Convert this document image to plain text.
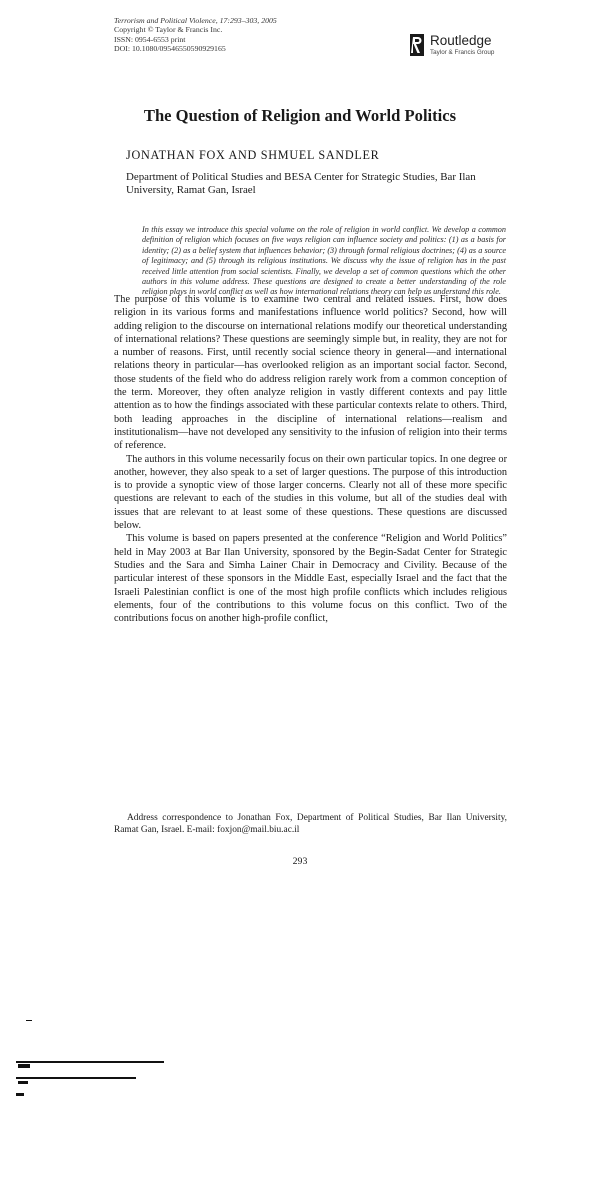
Terrorism and Political Violence, 17:293–303, 2005
Copyright © Taylor & Francis Inc.
ISSN: 0954-6553 print
DOI: 10.1080/09546550590929165
Routledge
Taylor & Francis Group
The Question of Religion and World Politics
JONATHAN FOX AND SHMUEL SANDLER
Department of Political Studies and BESA Center for Strategic Studies, Bar Ilan University, Ramat Gan, Israel
In this essay we introduce this special volume on the role of religion in world conflict. We develop a common definition of religion which focuses on five ways religion can influence society and politics: (1) as a basis for identity; (2) as a belief system that influences behavior; (3) through formal religious doctrines; (4) as a source of legitimacy; and (5) through its religious institutions. We discuss why the issue of religion has in the past received little attention from social scientists. Finally, we develop a set of common questions which the other authors in this volume address. These questions are designed to create a better understanding of the role religion plays in world conflict as well as how international relations theory can help us understand this role.

The purpose of this volume is to examine two central and related issues. First, how does religion in its various forms and manifestations influence world politics? Second, how will adding religion to the discourse on international relations modify our theoretical understanding of international relations? These questions are seemingly simple but, in reality, they are not for a number of reasons. First, until recently social science theory in general—and international relations theory in particular—has overlooked religion as an important social factor. Second, those students of the field who do address religion rarely work from a common conception of the term. Moreover, they often analyze religion in vastly different contexts and pay little attention as to how the findings associated with these particular contexts relate to others. Third, both leading approaches in the discipline of international relations—realism and institutionalism—have not developed any sensitivity to the infusion of religion into their terms of reference.

The authors in this volume necessarily focus on their own particular topics. In one degree or another, however, they also speak to a set of larger questions. The purpose of this introduction is to provide a synoptic view of those larger concerns. Clearly not all of these more specific questions are relevant to each of the studies in this volume, but all of the studies deal with issues that are relevant to at least some of these questions. These questions are discussed below.

This volume is based on papers presented at the conference “Religion and World Politics” held in May 2003 at Bar Ilan University, sponsored by the Begin-Sadat Center for Strategic Studies and the Sara and Simha Lainer Chair in Democracy and Civility. Because of the particular interest of these sponsors in the Middle East, especially Israel and the fact that the Israeli Palestinian conflict is one of the most high profile conflicts which includes religious elements, four of the contributions to this volume focus on this conflict. Two of the contributions focus on another high-profile conflict,

Address correspondence to Jonathan Fox, Department of Political Studies, Bar Ilan University, Ramat Gan, Israel. E-mail: foxjon@mail.biu.ac.il
293
